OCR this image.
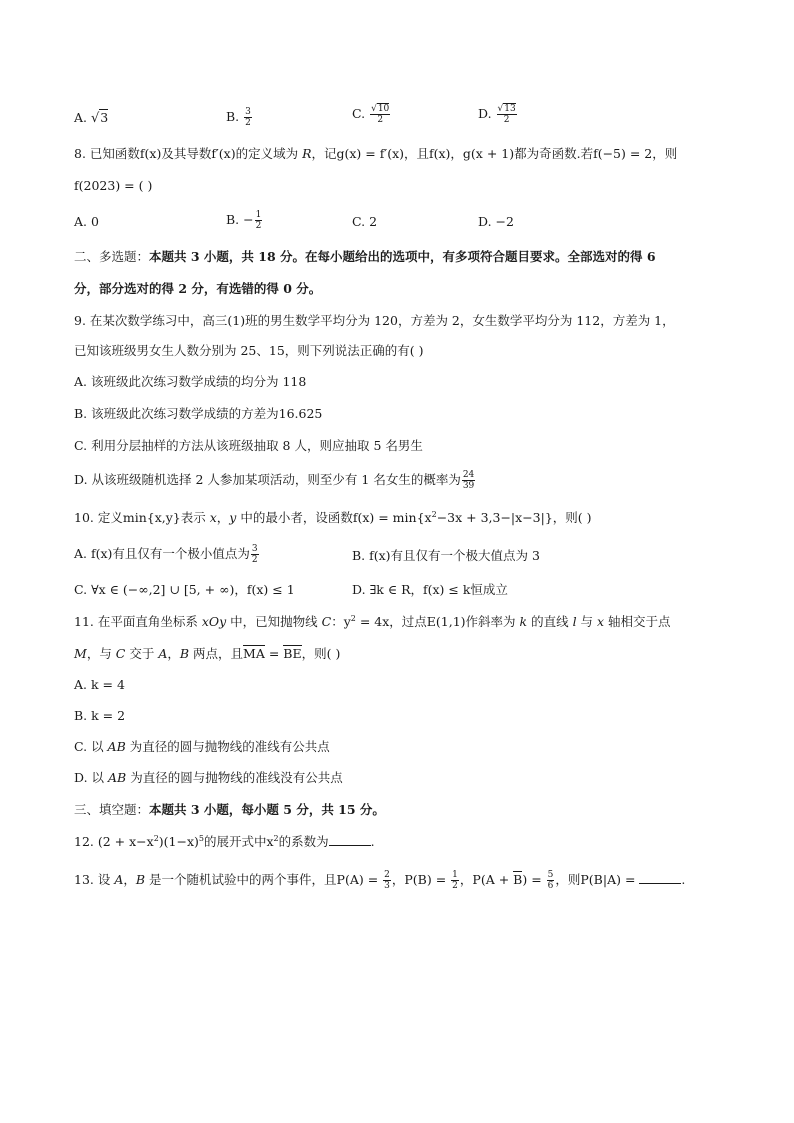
A. √3	B. $\frac{3}{2}$	C. $\frac{√10}{2}$	D. $\frac{√13}{2}$
8. 已知函数f(x)及其导数f′(x)的定义域为 R，记g(x) = f′(x)，且f(x)，g(x + 1)都为奇函数.若f(−5) = 2，则
f(2023) = ( )
A. 0	B. − $\frac{1}{2}$	C. 2	D. −2
二、多选题：本题共 3 小题，共 18 分。在每小题给出的选项中，有多项符合题目要求。全部选对的得 6
分，部分选对的得 2 分，有选错的得 0 分。
9. 在某次数学练习中，高三(1)班的男生数学平均分为 120，方差为 2，女生数学平均分为 112，方差为 1，
已知该班级男女生人数分别为 25、15，则下列说法正确的有( )
A. 该班级此次练习数学成绩的均分为 118
B. 该班级此次练习数学成绩的方差为16.625
C. 利用分层抽样的方法从该班级抽取 8 人，则应抽取 5 名男生
D. 从该班级随机选择 2 人参加某项活动，则至少有 1 名女生的概率为 $\frac{24}{39}$
10. 定义min{x,y}表示 x，y 中的最小者，设函数$f(x) = \min\{x^2-3x + 3,3-|x-3|\}$，则( )
A. f(x)有且仅有一个极小值点为 $\frac{3}{2}$	B. f(x)有且仅有一个极大值点为 3
C. ∀x ∈ (−∞,2] ∪ [5, + ∞)，f(x) ≤ 1	D. ∃k ∈ R，f(x) ≤ k恒成立
11. 在平面直角坐标系 xOy 中，已知抛物线 C：$y^2 = 4x$，过点E(1,1)作斜率为 k 的直线 l 与 x 轴相交于点
M，与 C 交于 A，B 两点，且MA = BE，则( )
A. k = 4
B. k = 2
C. 以 AB 为直径的圆与抛物线的准线有公共点
D. 以 AB 为直径的圆与抛物线的准线没有公共点
三、填空题：本题共 3 小题，每小题 5 分，共 15 分。
12. $(2 + x-x^2)(1-x)^5$的展开式中$x^2$的系数为	.
13. 设 A，B 是一个随机试验中的两个事件，且$P(A) = \frac{2}{3}$ ，$P(B) = \frac{1}{2}$ ，$P(A + B) = \frac{5}{6}$ ，则P(B|A) =	.
